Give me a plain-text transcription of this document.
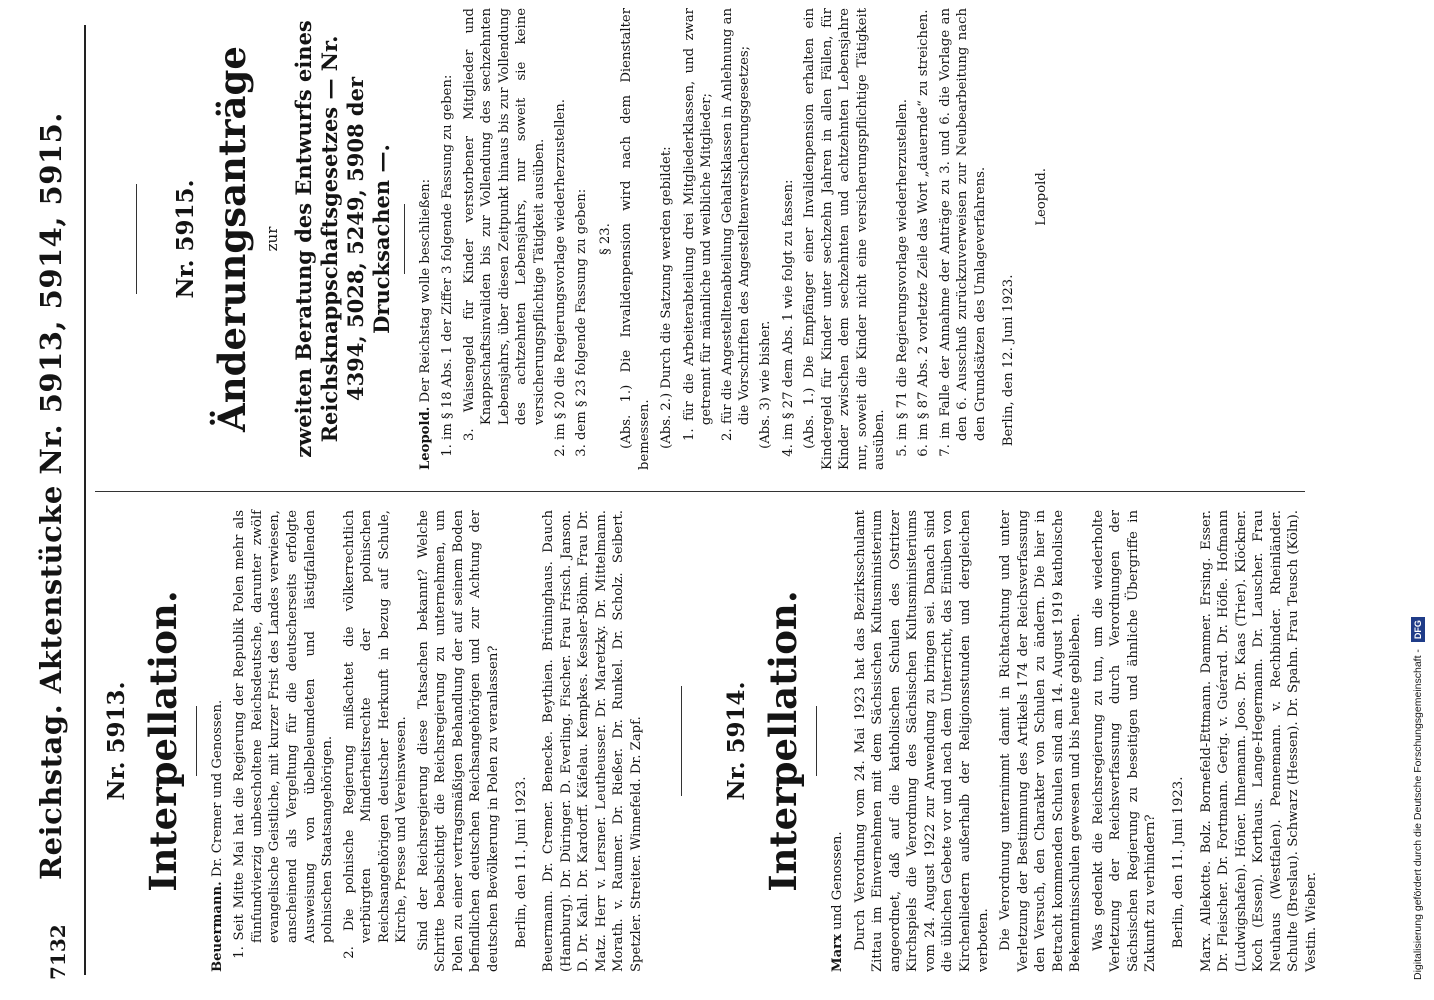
7132
Reichstag. Aktenstücke Nr. 5913, 5914, 5915. Nr. 5913. Interpellation.

Beuermann. Dr. Cremer und Genossen. 1. Seit Mitte Mai hat die Regierung der Republik Polen mehr als fünfundvierzig unbescholtene Reichsdeutsche, darunter zwölf evangelische Geistliche, mit kurzer Frist des Landes verwiesen, anscheinend als Vergeltung für die deutscherseits erfolgte Ausweisung von übelbeleumdeten und lästigfallenden polnischen Staatsangehörigen. 2. Die polnische Regierung mißachtet die völkerrechtlich verbürgten Minderheitsrechte der polnischen Reichsangehörigen deutscher Herkunft in bezug auf Schule, Kirche, Presse und Vereinswesen. Sind der Reichsregierung diese Tatsachen bekannt? Welche Schritte beabsichtigt die Reichsregierung zu unternehmen, um Polen zu einer vertragsmäßigen Behandlung der auf seinem Boden befindlichen deutschen Reichsangehörigen und zur Achtung der deutschen Bevölkerung in Polen zu veranlassen? Berlin, den 11. Juni 1923. Beuermann. Dr. Cremer. Benecke. Beythien. Brüninghaus. Dauch (Hamburg). Dr. Düringer. D. Everling. Fischer. Frau Frisch. Janson. D. Dr. Kahl. Dr. Kardorff. Käfelau. Kempkes. Kessler-Böhm. Frau Dr. Matz. Herr v. Lersner. Leutheusser. Dr. Maretzky. Dr. Mittelmann. Morath. v. Raumer. Dr. Rießer. Dr. Runkel. Dr. Scholz. Seibert. Spetzler. Streiter. Winnefeld. Dr. Zapf.	Nr. 5914. Interpellation.

Marx und Genossen. Durch Verordnung vom 24. Mai 1923 hat das Bezirksschulamt Zittau im Einvernehmen mit dem Sächsischen Kultusministerium angeordnet, daß auf die katholischen Schulen des Ostritzer Kirchspiels die Verordnung des Sächsischen Kultusministeriums vom 24. August 1922 zur Anwendung zu bringen sei. Danach sind die üblichen Gebete vor und nach dem Unterricht, das Einüben von Kirchenliedern außerhalb der Religionsstunden und dergleichen verboten. Die Verordnung unternimmt damit in Richtachtung und unter Verletzung der Bestimmung des Artikels 174 der Reichsverfassung den Versuch, den Charakter von Schulen zu ändern. Die hier in Betracht kommenden Schulen sind am 14. August 1919 katholische Bekenntnisschulen gewesen und bis heute geblieben. Was gedenkt die Reichsregierung zu tun, um die wiederholte Verletzung der Reichsverfassung durch Verordnungen der Sächsischen Regierung zu beseitigen und ähnliche Übergriffe in Zukunft zu verhindern? Berlin, den 11. Juni 1923. Marx. Allekotte. Bolz. Bornefeld-Ettmann. Dammer. Ersing. Esser. Dr. Fleischer. Dr. Fortmann. Gerig. v. Guérard. Dr. Höfle. Hofmann (Ludwigshafen). Höner. Ihnemann. Joos. Dr. Kaas (Trier). Klöckner. Koch (Essen). Korthaus. Lange-Hegermann. Dr. Lauscher. Frau Neuhaus (Westfalen). Pennemann. v. Rechbinder. Rheinländer. Schulte (Breslau). Schwarz (Hessen). Dr. Spahn. Frau Teusch (Köln). Vestin. Wieber.

Nr. 5915. Änderungsanträge zur zweiten Beratung des Entwurfs eines Reichsknappschaftsgesetzes — Nr. 4394, 5028, 5249, 5908 der Drucksachen —.

Leopold. Der Reichstag wolle beschließen: 1. im § 18 Abs. 1 der Ziffer 3 folgende Fassung zu geben: 3. Waisengeld für Kinder verstorbener Mitglieder und Knappschaftsinvaliden bis zur Vollendung des sechzehnten Lebensjahrs, über diesen Zeitpunkt hinaus bis zur Vollendung des achtzehnten Lebensjahrs, nur soweit sie keine versicherungspflichtige Tätigkeit ausüben. 2. im § 20 die Regierungsvorlage wiederherzustellen. 3. dem § 23 folgende Fassung zu geben: § 23. (Abs. 1.) Die Invalidenpension wird nach dem Dienstalter bemessen. (Abs. 2.) Durch die Satzung werden gebildet: 1. für die Arbeiterabteilung drei Mitgliederklassen, und zwar getrennt für männliche und weibliche Mitglieder; 2. für die Angestelltenabteilung Gehaltsklassen in Anlehnung an die Vorschriften des Angestelltenversicherungsgesetzes; (Abs. 3) wie bisher. 4. im § 27 dem Abs. 1 wie folgt zu fassen: (Abs. 1.) Die Empfänger einer Invalidenpension erhalten ein Kindergeld für Kinder unter sechzehn Jahren in allen Fällen, für Kinder zwischen dem sechzehnten und achtzehnten Lebensjahre nur, soweit die Kinder nicht eine versicherungspflichtige Tätigkeit ausüben. 5. im § 71 die Regierungsvorlage wiederherzustellen. 6. im § 87 Abs. 2 vorletzte Zeile das Wort „dauernde“ zu streichen. 7. im Falle der Annahme der Anträge zu 3. und 6. die Vorlage an den 6. Ausschuß zurückzuverweisen zur Neubearbeitung nach den Grundsätzen des Umlageverfahrens. Berlin, den 12. Juni 1923.

Leopold.

Digitalisierung gefördert durch die Deutsche Forschungsgemeinschaft - DFG
